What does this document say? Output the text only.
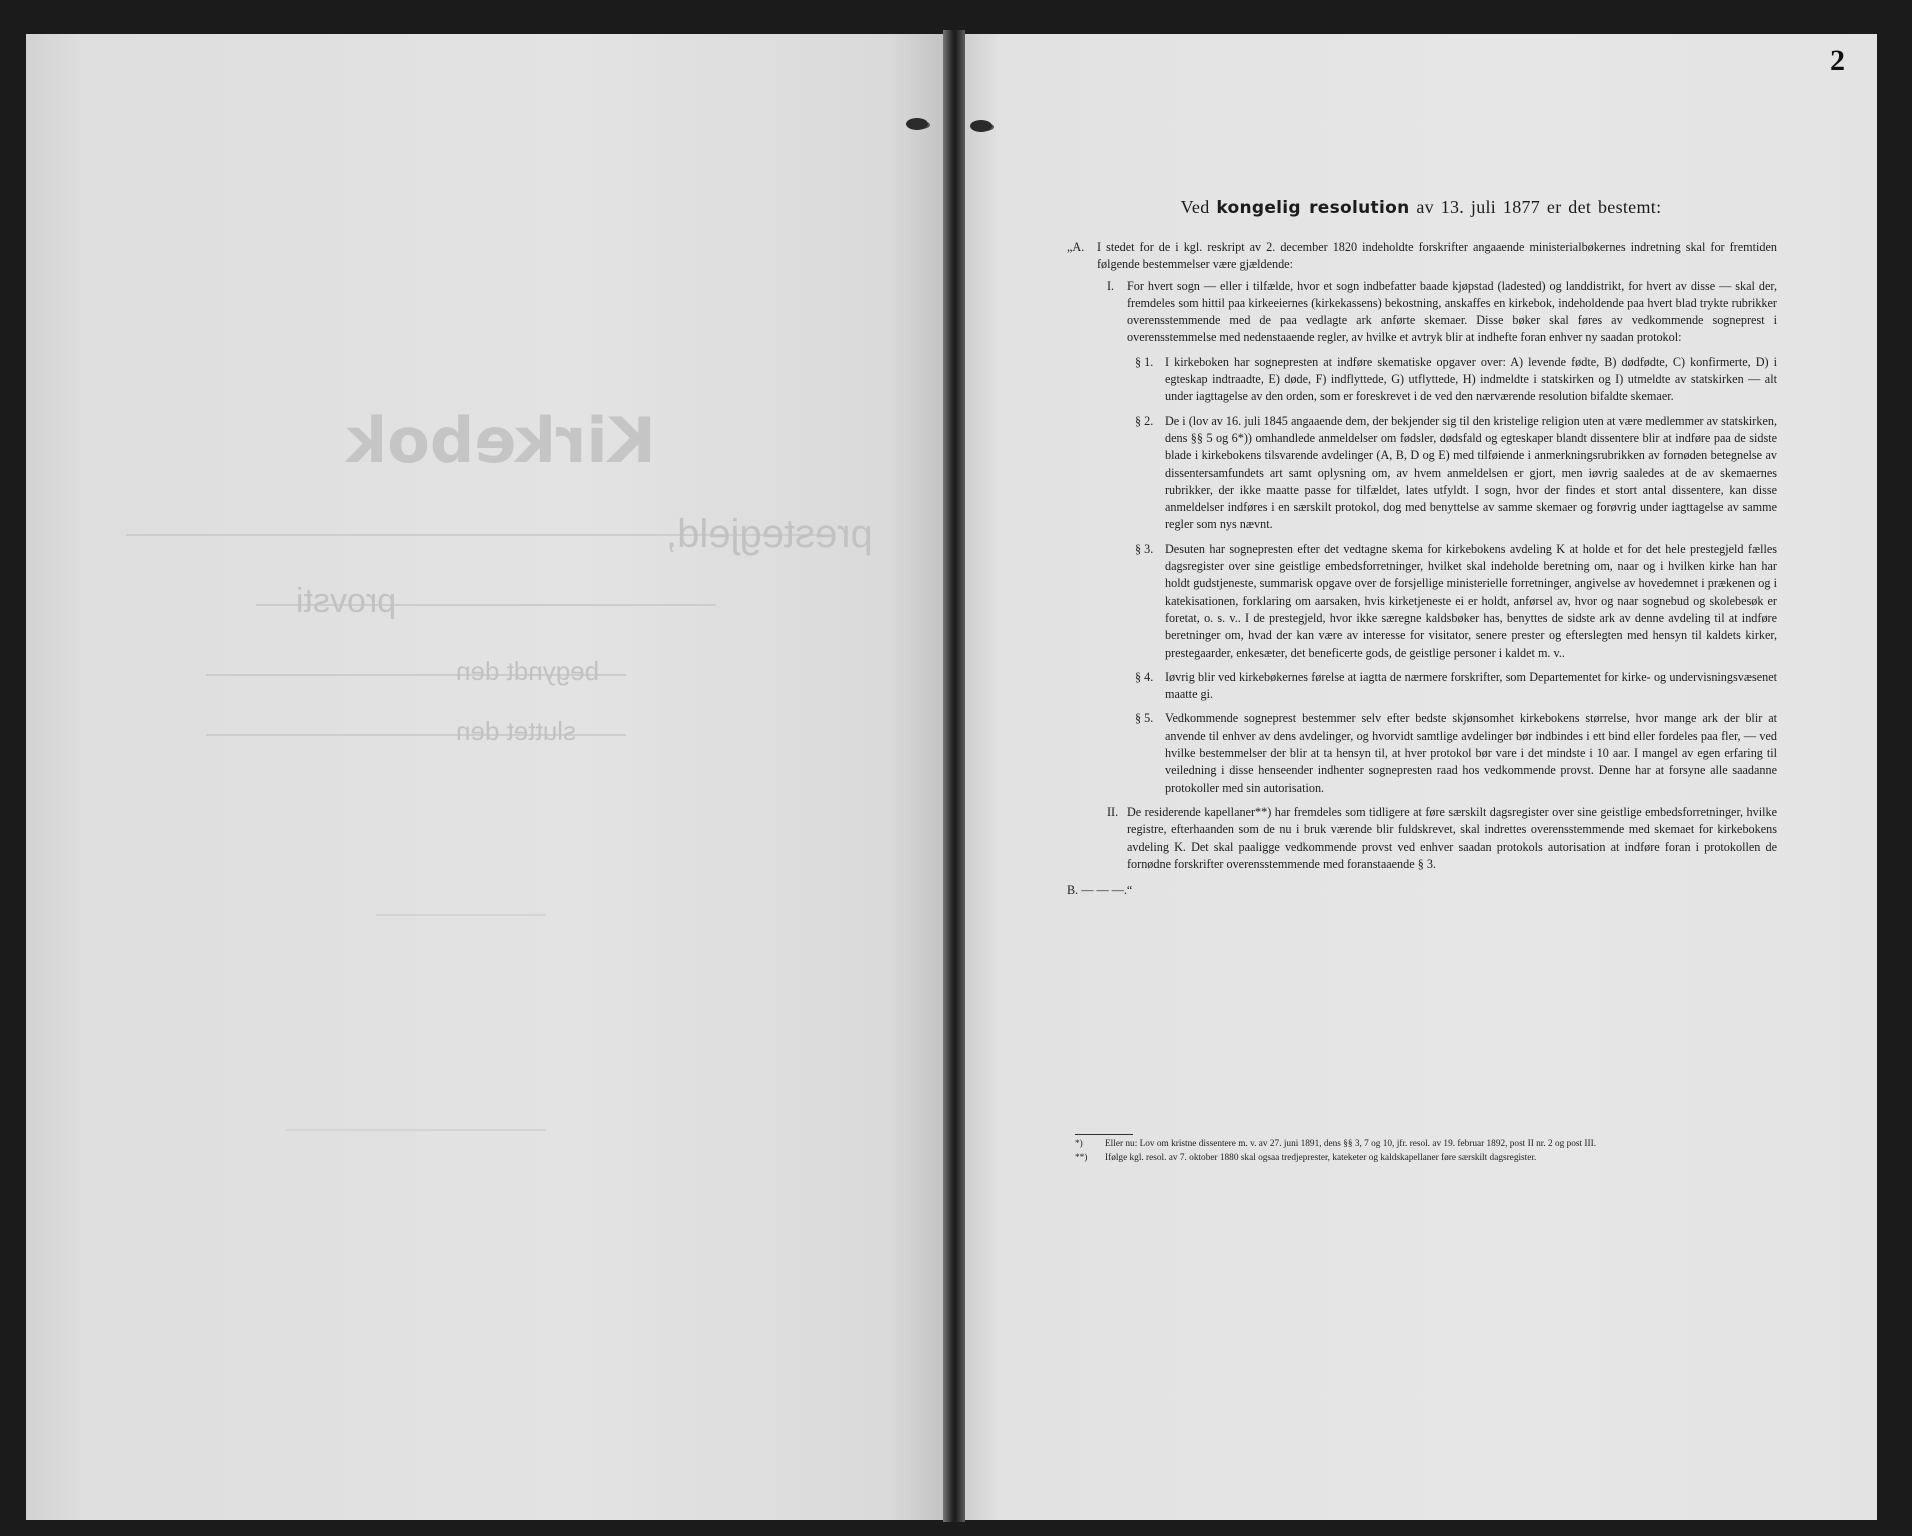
Kirkebok
prestegjeld,
provsti
begyndt den
sluttet den
2
Ved kongelig resolution av 13. juli 1877 er det bestemt:

„A. I stedet for de i kgl. reskript av 2. december 1820 indeholdte forskrifter angaaende ministerialbøkernes indretning skal for fremtiden følgende bestemmelser være gjældende:

I. For hvert sogn — eller i tilfælde, hvor et sogn indbefatter baade kjøpstad (ladested) og landdistrikt, for hvert av disse — skal der, fremdeles som hittil paa kirkeeiernes (kirkekassens) bekostning, anskaffes en kirkebok, indeholdende paa hvert blad trykte rubrikker overensstemmende med de paa vedlagte ark anførte skemaer. Disse bøker skal føres av vedkommende sogneprest i overensstemmelse med nedenstaaende regler, av hvilke et avtryk blir at indhefte foran enhver ny saadan protokol:

§ 1. I kirkeboken har sognepresten at indføre skematiske opgaver over: A) levende fødte, B) dødfødte, C) konfirmerte, D) i egteskap indtraadte, E) døde, F) indflyttede, G) utflyttede, H) indmeldte i statskirken og I) utmeldte av statskirken — alt under iagttagelse av den orden, som er foreskrevet i de ved den nærværende resolution bifaldte skemaer.

§ 2. De i (lov av 16. juli 1845 angaaende dem, der bekjender sig til den kristelige religion uten at være medlemmer av statskirken, dens §§ 5 og 6*)) omhandlede anmeldelser om fødsler, dødsfald og egteskaper blandt dissentere blir at indføre paa de sidste blade i kirkebokens tilsvarende avdelinger (A, B, D og E) med tilføiende i anmerkningsrubrikken av fornøden betegnelse av dissentersamfundets art samt oplysning om, av hvem anmeldelsen er gjort, men iøvrig saaledes at de av skemaernes rubrikker, der ikke maatte passe for tilfældet, lates utfyldt. I sogn, hvor der findes et stort antal dissentere, kan disse anmeldelser indføres i en særskilt protokol, dog med benyttelse av samme skemaer og forøvrig under iagttagelse av samme regler som nys nævnt.

§ 3. Desuten har sognepresten efter det vedtagne skema for kirkebokens avdeling K at holde et for det hele prestegjeld fælles dagsregister over sine geistlige embedsforretninger, hvilket skal indeholde beretning om, naar og i hvilken kirke han har holdt gudstjeneste, summarisk opgave over de forsjellige ministerielle forretninger, angivelse av hovedemnet i prækenen og i katekisationen, forklaring om aarsaken, hvis kirketjeneste ei er holdt, anførsel av, hvor og naar sognebud og skolebesøk er foretat, o. s. v.. I de prestegjeld, hvor ikke særegne kaldsbøker has, benyttes de sidste ark av denne avdeling til at indføre beretninger om, hvad der kan være av interesse for visitator, senere prester og efterslegten med hensyn til kaldets kirker, prestegaarder, enkesæter, det beneficerte gods, de geistlige personer i kaldet m. v..

§ 4. Iøvrig blir ved kirkebøkernes førelse at iagtta de nærmere forskrifter, som Departementet for kirke- og undervisningsvæsenet maatte gi.

§ 5. Vedkommende sogneprest bestemmer selv efter bedste skjønsomhet kirkebokens størrelse, hvor mange ark der blir at anvende til enhver av dens avdelinger, og hvorvidt samtlige avdelinger bør indbindes i ett bind eller fordeles paa fler, — ved hvilke bestemmelser der blir at ta hensyn til, at hver protokol bør vare i det mindste i 10 aar. I mangel av egen erfaring til veiledning i disse henseender indhenter sognepresten raad hos vedkommende provst. Denne har at forsyne alle saadanne protokoller med sin autorisation.

II. De residerende kapellaner**) har fremdeles som tidligere at føre særskilt dagsregister over sine geistlige embedsforretninger, hvilke registre, efterhaanden som de nu i bruk værende blir fuldskrevet, skal indrettes overensstemmende med skemaet for kirkebokens avdeling K. Det skal paaligge vedkommende provst ved enhver saadan protokols autorisation at indføre foran i protokollen de fornødne forskrifter overensstemmende med foranstaaende § 3.

B. — — —.“

*) Eller nu: Lov om kristne dissentere m. v. av 27. juni 1891, dens §§ 3, 7 og 10, jfr. resol. av 19. februar 1892, post II nr. 2 og post III.
**) Ifølge kgl. resol. av 7. oktober 1880 skal ogsaa tredjeprester, kateketer og kaldskapellaner føre særskilt dagsregister.
